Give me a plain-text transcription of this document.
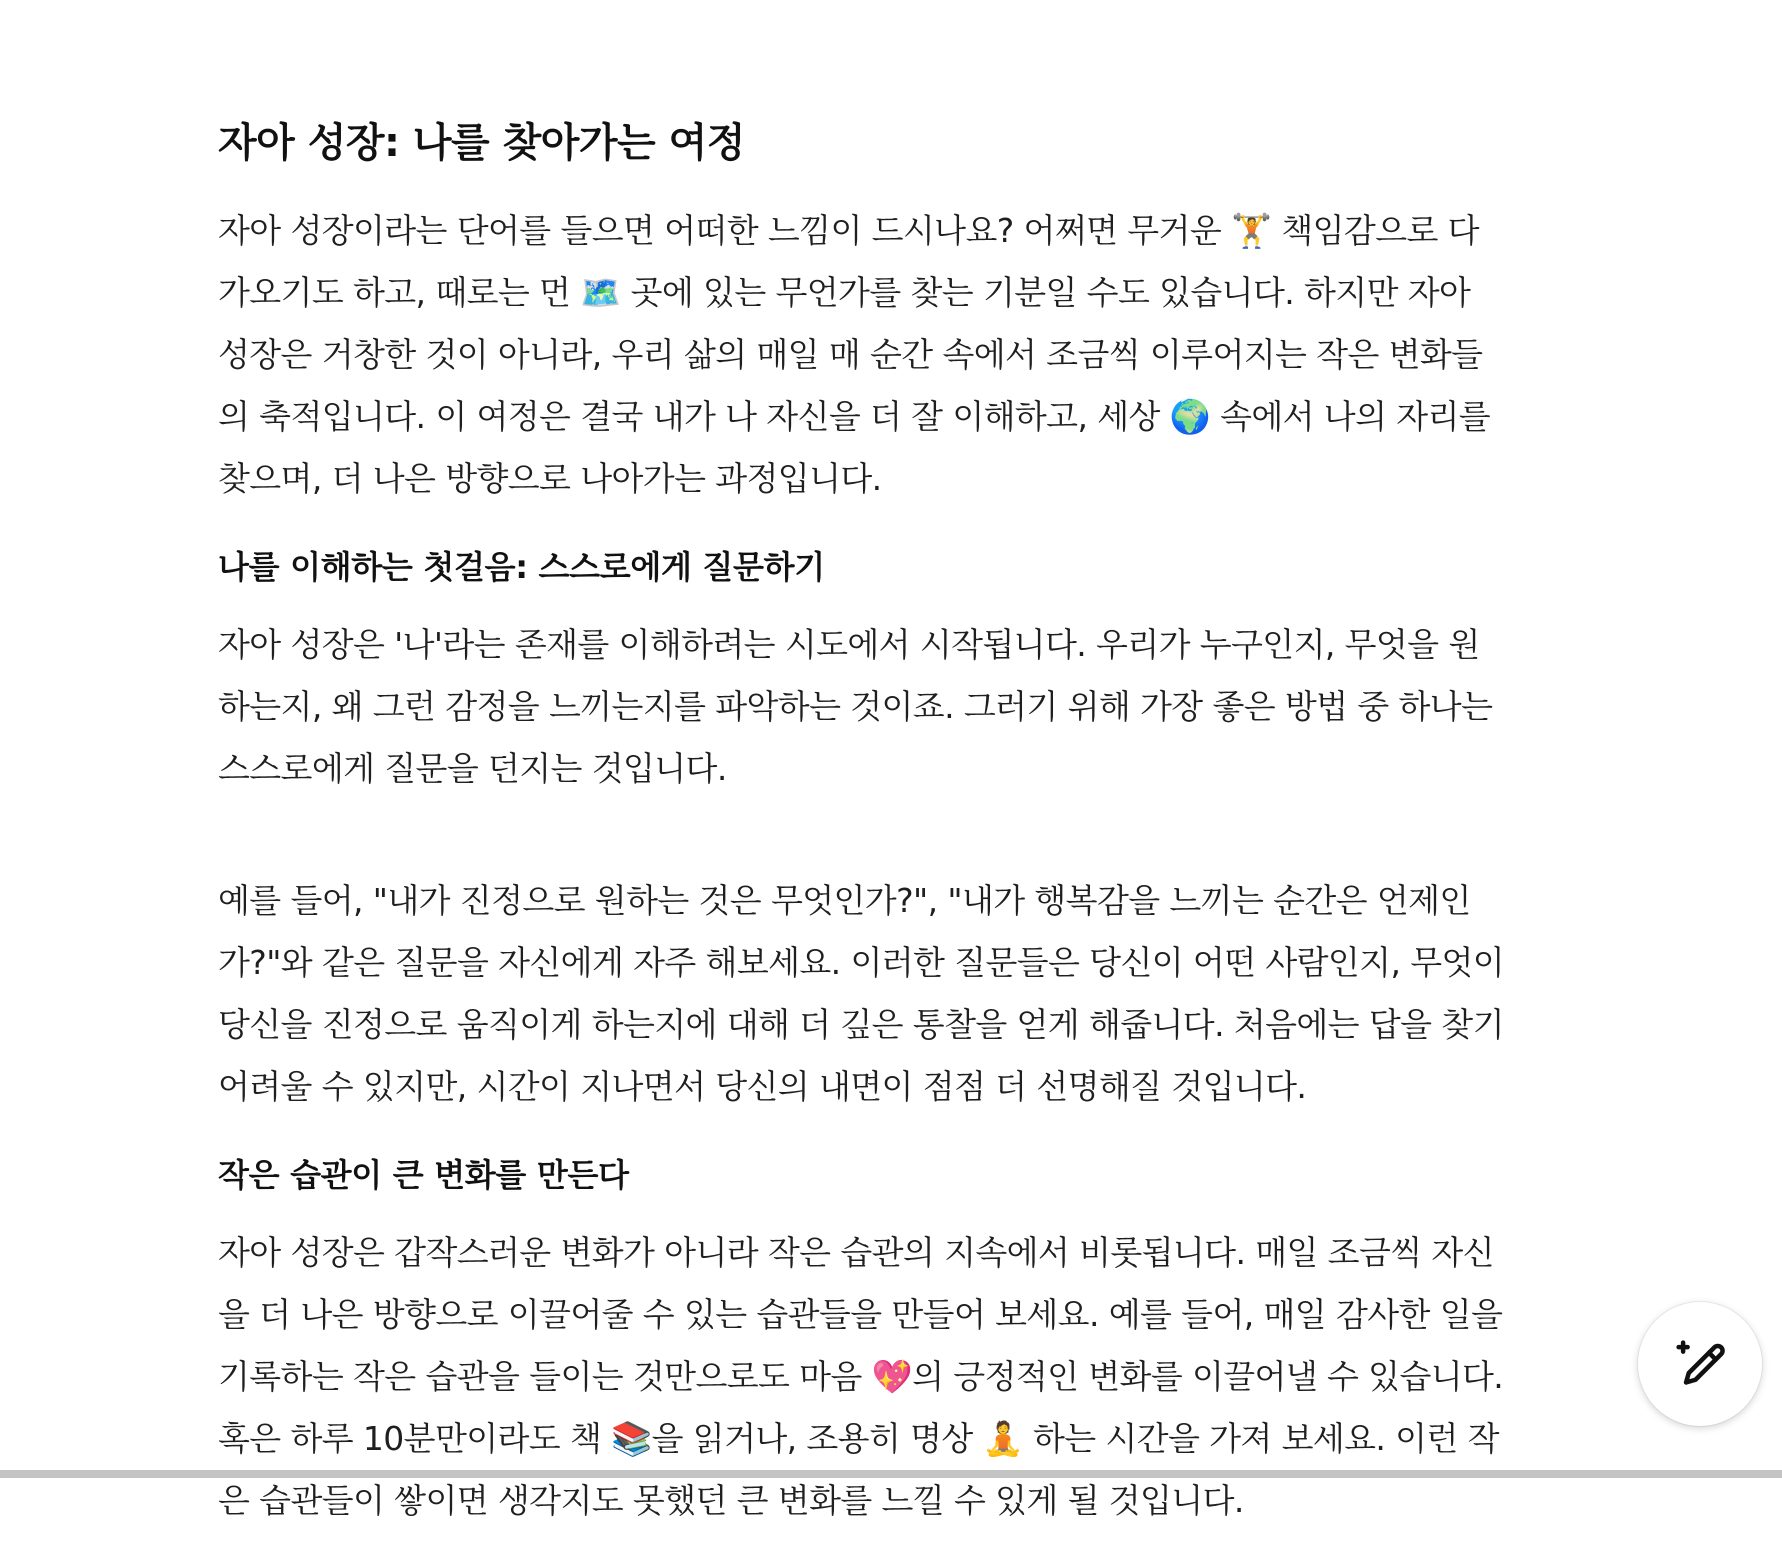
자아 성장: 나를 찾아가는 여정

자아 성장이라는 단어를 들으면 어떠한 느낌이 드시나요? 어쩌면 무거운 🏋️ 책임감으로 다가오기도 하고, 때로는 먼 🗺️ 곳에 있는 무언가를 찾는 기분일 수도 있습니다. 하지만 자아 성장은 거창한 것이 아니라, 우리 삶의 매일 매 순간 속에서 조금씩 이루어지는 작은 변화들의 축적입니다. 이 여정은 결국 내가 나 자신을 더 잘 이해하고, 세상 🌍 속에서 나의 자리를 찾으며, 더 나은 방향으로 나아가는 과정입니다.

나를 이해하는 첫걸음: 스스로에게 질문하기

자아 성장은 '나'라는 존재를 이해하려는 시도에서 시작됩니다. 우리가 누구인지, 무엇을 원하는지, 왜 그런 감정을 느끼는지를 파악하는 것이죠. 그러기 위해 가장 좋은 방법 중 하나는 스스로에게 질문을 던지는 것입니다.

예를 들어, "내가 진정으로 원하는 것은 무엇인가?", "내가 행복감을 느끼는 순간은 언제인가?"와 같은 질문을 자신에게 자주 해보세요. 이러한 질문들은 당신이 어떤 사람인지, 무엇이 당신을 진정으로 움직이게 하는지에 대해 더 깊은 통찰을 얻게 해줍니다. 처음에는 답을 찾기 어려울 수 있지만, 시간이 지나면서 당신의 내면이 점점 더 선명해질 것입니다.

작은 습관이 큰 변화를 만든다

자아 성장은 갑작스러운 변화가 아니라 작은 습관의 지속에서 비롯됩니다. 매일 조금씩 자신을 더 나은 방향으로 이끌어줄 수 있는 습관들을 만들어 보세요. 예를 들어, 매일 감사한 일을 기록하는 작은 습관을 들이는 것만으로도 마음 💖의 긍정적인 변화를 이끌어낼 수 있습니다. 혹은 하루 10분만이라도 책 📚을 읽거나, 조용히 명상 🧘 하는 시간을 가져 보세요. 이런 작은 습관들이 쌓이면 생각지도 못했던 큰 변화를 느낄 수 있게 될 것입니다.
